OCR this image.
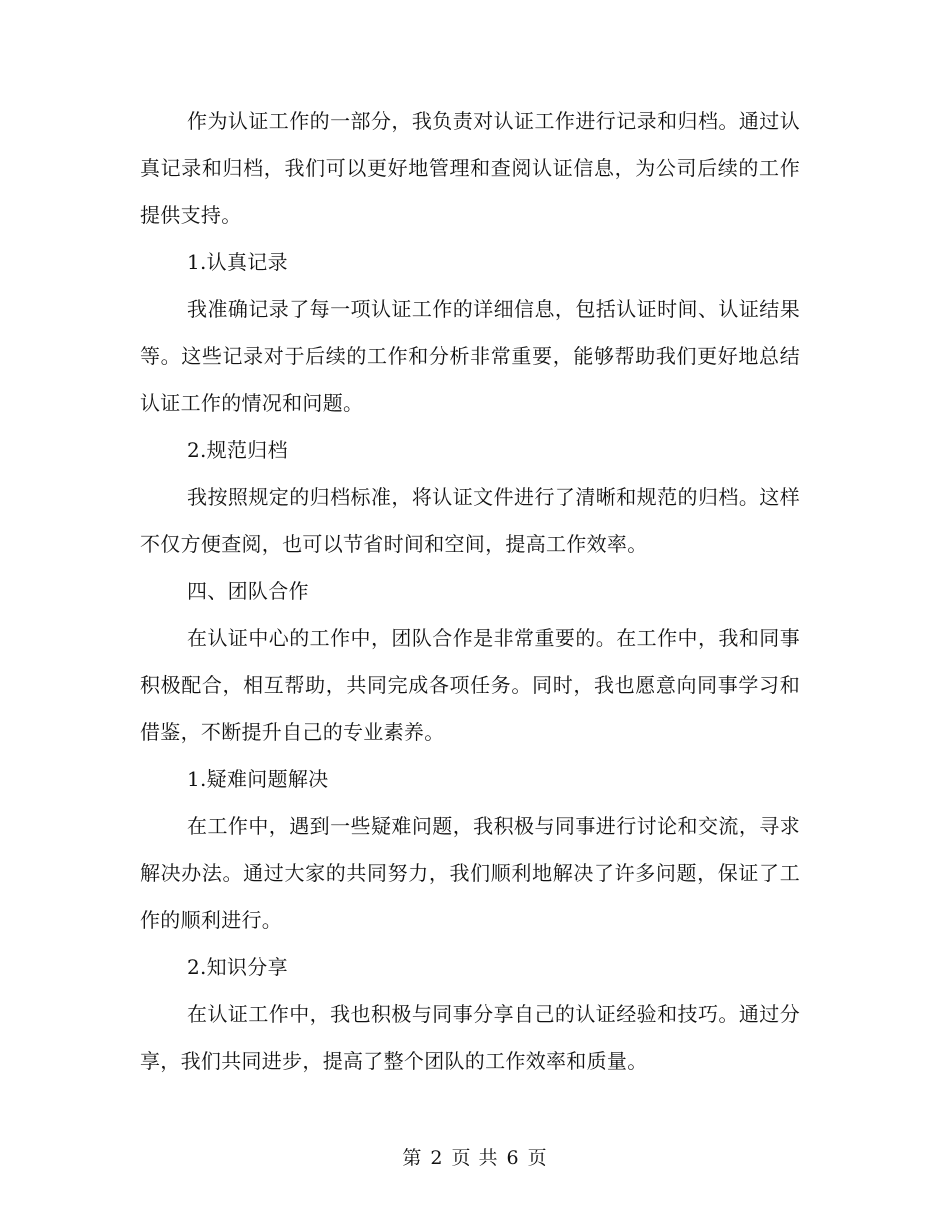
作为认证工作的一部分，我负责对认证工作进行记录和归档。通过认真记录和归档，我们可以更好地管理和查阅认证信息，为公司后续的工作提供支持。

1.认真记录

我准确记录了每一项认证工作的详细信息，包括认证时间、认证结果等。这些记录对于后续的工作和分析非常重要，能够帮助我们更好地总结认证工作的情况和问题。

2.规范归档

我按照规定的归档标准，将认证文件进行了清晰和规范的归档。这样不仅方便查阅，也可以节省时间和空间，提高工作效率。

四、团队合作

在认证中心的工作中，团队合作是非常重要的。在工作中，我和同事积极配合，相互帮助，共同完成各项任务。同时，我也愿意向同事学习和借鉴，不断提升自己的专业素养。

1.疑难问题解决

在工作中，遇到一些疑难问题，我积极与同事进行讨论和交流，寻求解决办法。通过大家的共同努力，我们顺利地解决了许多问题，保证了工作的顺利进行。

2.知识分享

在认证工作中，我也积极与同事分享自己的认证经验和技巧。通过分享，我们共同进步，提高了整个团队的工作效率和质量。

第 2 页 共 6 页
